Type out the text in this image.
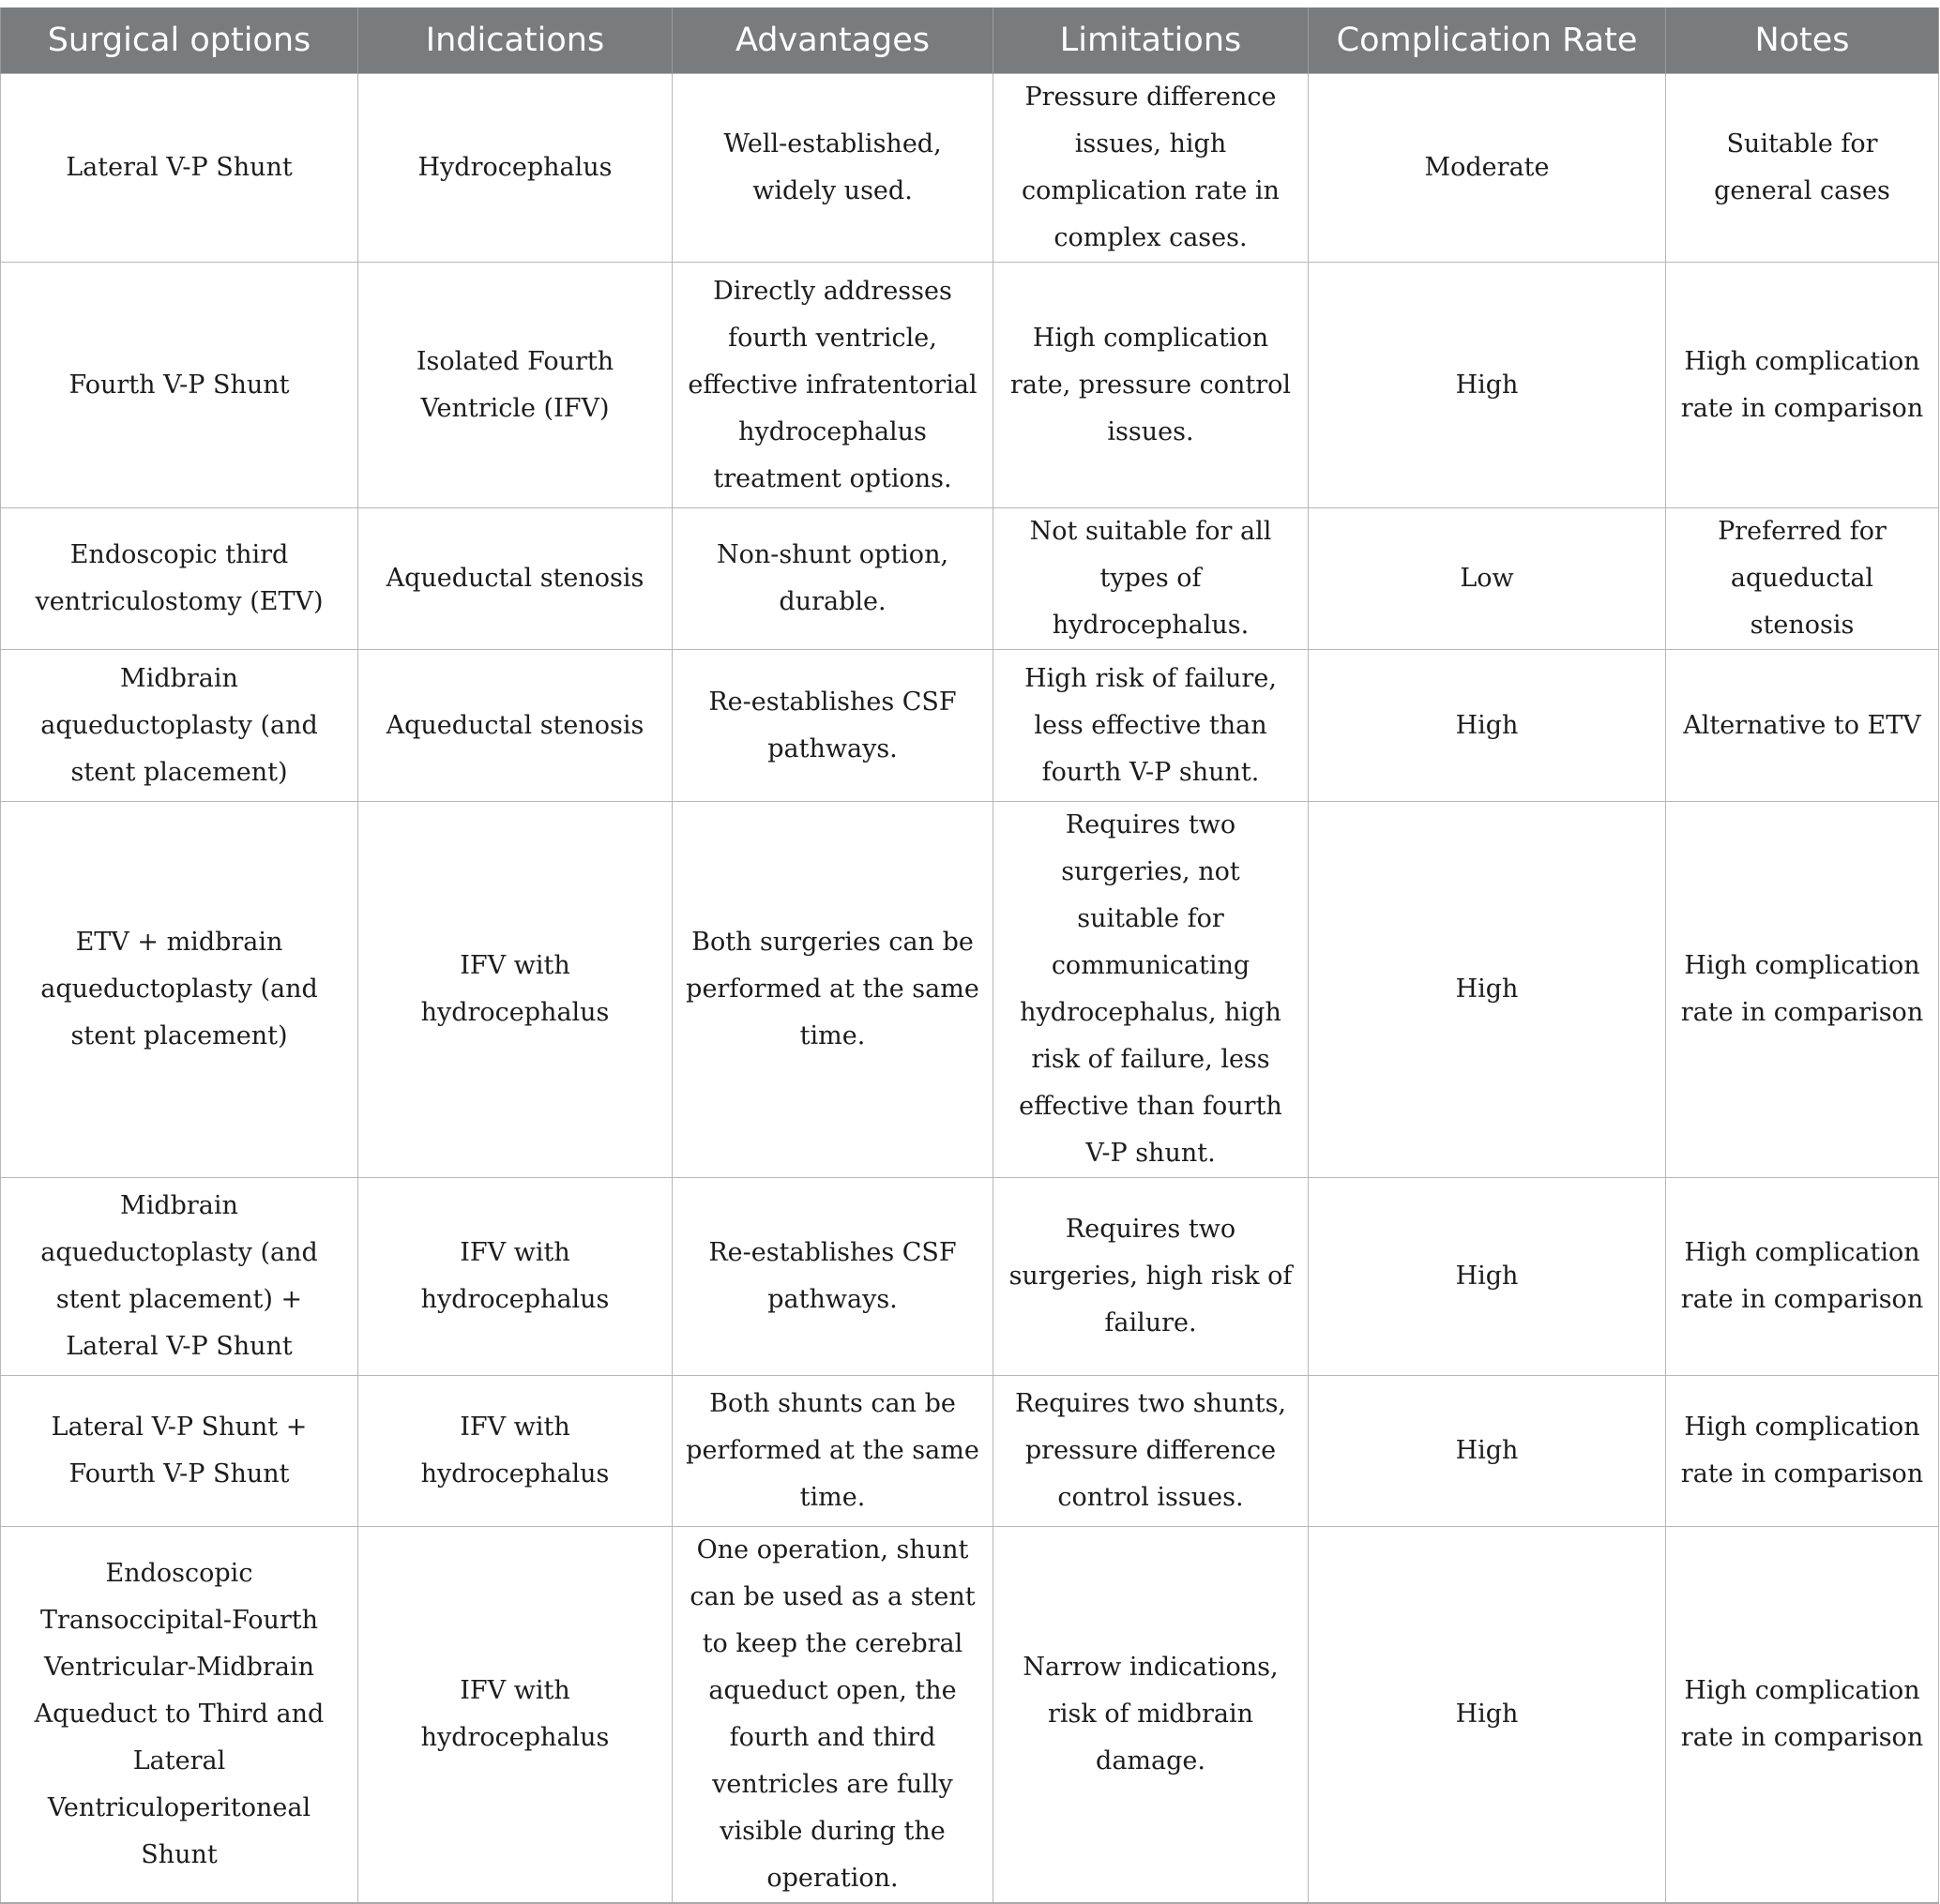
Surgical options	Indications	Advantages	Limitations	Complication Rate	Notes
Lateral V-P Shunt	Hydrocephalus	Well-established, widely used.	Pressure difference issues, high complication rate in complex cases.	Moderate	Suitable for general cases
Fourth V-P Shunt	Isolated Fourth Ventricle (IFV)	Directly addresses fourth ventricle, effective infratentorial hydrocephalus treatment options.	High complication rate, pressure control issues.	High	High complication rate in comparison
Endoscopic third ventriculostomy (ETV)	Aqueductal stenosis	Non-shunt option, durable.	Not suitable for all types of hydrocephalus.	Low	Preferred for aqueductal stenosis
Midbrain aqueductoplasty (and stent placement)	Aqueductal stenosis	Re-establishes CSF pathways.	High risk of failure, less effective than fourth V-P shunt.	High	Alternative to ETV
ETV + midbrain aqueductoplasty (and stent placement)	IFV with hydrocephalus	Both surgeries can be performed at the same time.	Requires two surgeries, not suitable for communicating hydrocephalus, high risk of failure, less effective than fourth V-P shunt.	High	High complication rate in comparison
Midbrain aqueductoplasty (and stent placement) + Lateral V-P Shunt	IFV with hydrocephalus	Re-establishes CSF pathways.	Requires two surgeries, high risk of failure.	High	High complication rate in comparison
Lateral V-P Shunt + Fourth V-P Shunt	IFV with hydrocephalus	Both shunts can be performed at the same time.	Requires two shunts, pressure difference control issues.	High	High complication rate in comparison
Endoscopic Transoccipital-Fourth Ventricular-Midbrain Aqueduct to Third and Lateral Ventriculoperitoneal Shunt	IFV with hydrocephalus	One operation, shunt can be used as a stent to keep the cerebral aqueduct open, the fourth and third ventricles are fully visible during the operation.	Narrow indications, risk of midbrain damage.	High	High complication rate in comparison
